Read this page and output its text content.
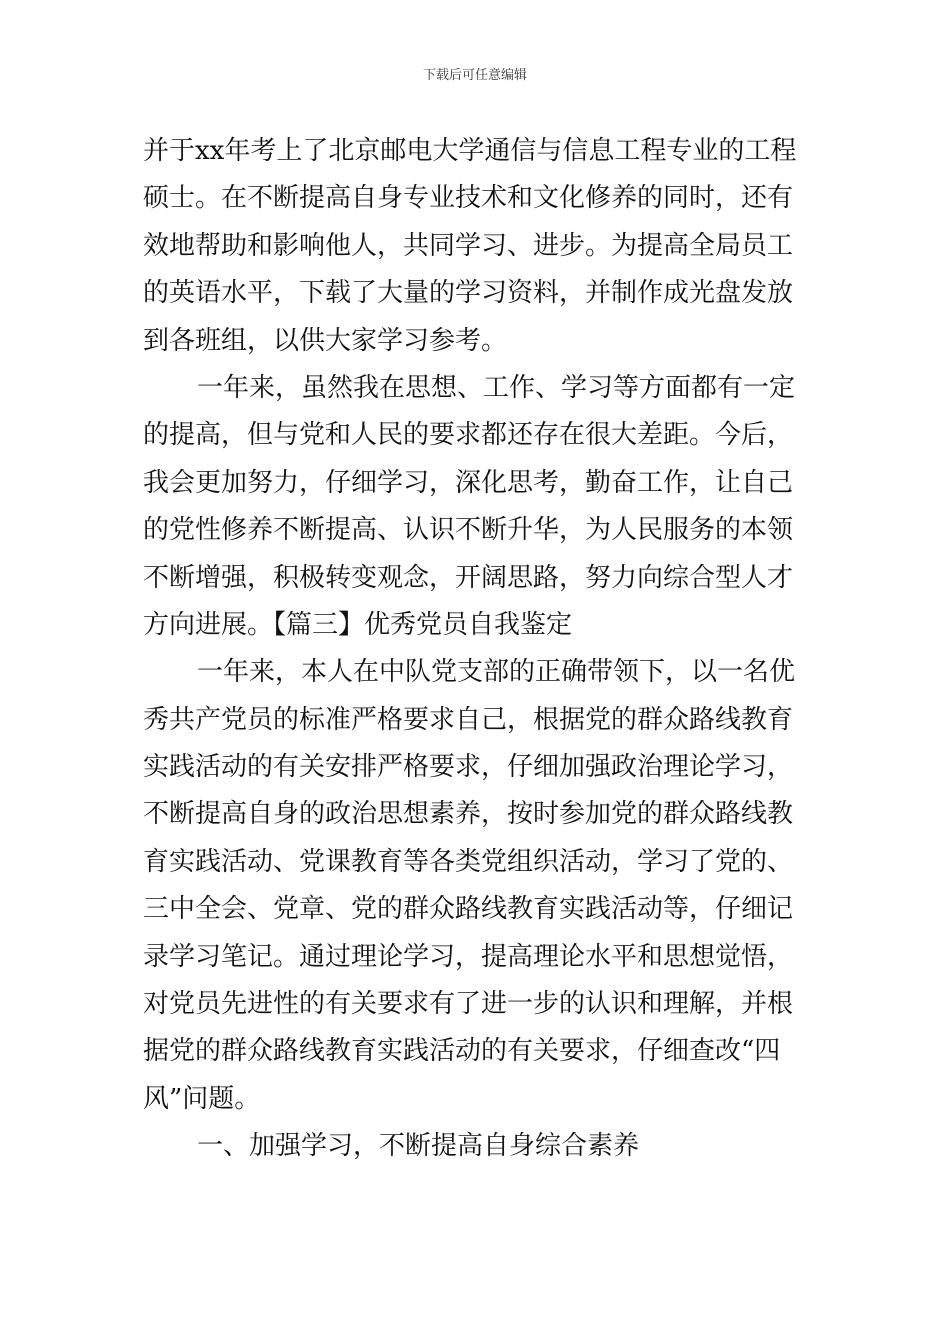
下载后可任意编辑
并于xx年考上了北京邮电大学通信与信息工程专业的工程
硕士。在不断提高自身专业技术和文化修养的同时，还有
效地帮助和影响他人，共同学习、进步。为提高全局员工
的英语水平，下载了大量的学习资料，并制作成光盘发放
到各班组，以供大家学习参考。
一年来，虽然我在思想、工作、学习等方面都有一定
的提高，但与党和人民的要求都还存在很大差距。今后，
我会更加努力，仔细学习，深化思考，勤奋工作，让自己
的党性修养不断提高、认识不断升华，为人民服务的本领
不断增强，积极转变观念，开阔思路，努力向综合型人才
方向进展。【篇三】优秀党员自我鉴定
一年来，本人在中队党支部的正确带领下，以一名优
秀共产党员的标准严格要求自己，根据党的群众路线教育
实践活动的有关安排严格要求，仔细加强政治理论学习，
不断提高自身的政治思想素养，按时参加党的群众路线教
育实践活动、党课教育等各类党组织活动，学习了党的、
三中全会、党章、党的群众路线教育实践活动等，仔细记
录学习笔记。通过理论学习，提高理论水平和思想觉悟，
对党员先进性的有关要求有了进一步的认识和理解，并根
据党的群众路线教育实践活动的有关要求，仔细查改“四
风”问题。
一、加强学习，不断提高自身综合素养
